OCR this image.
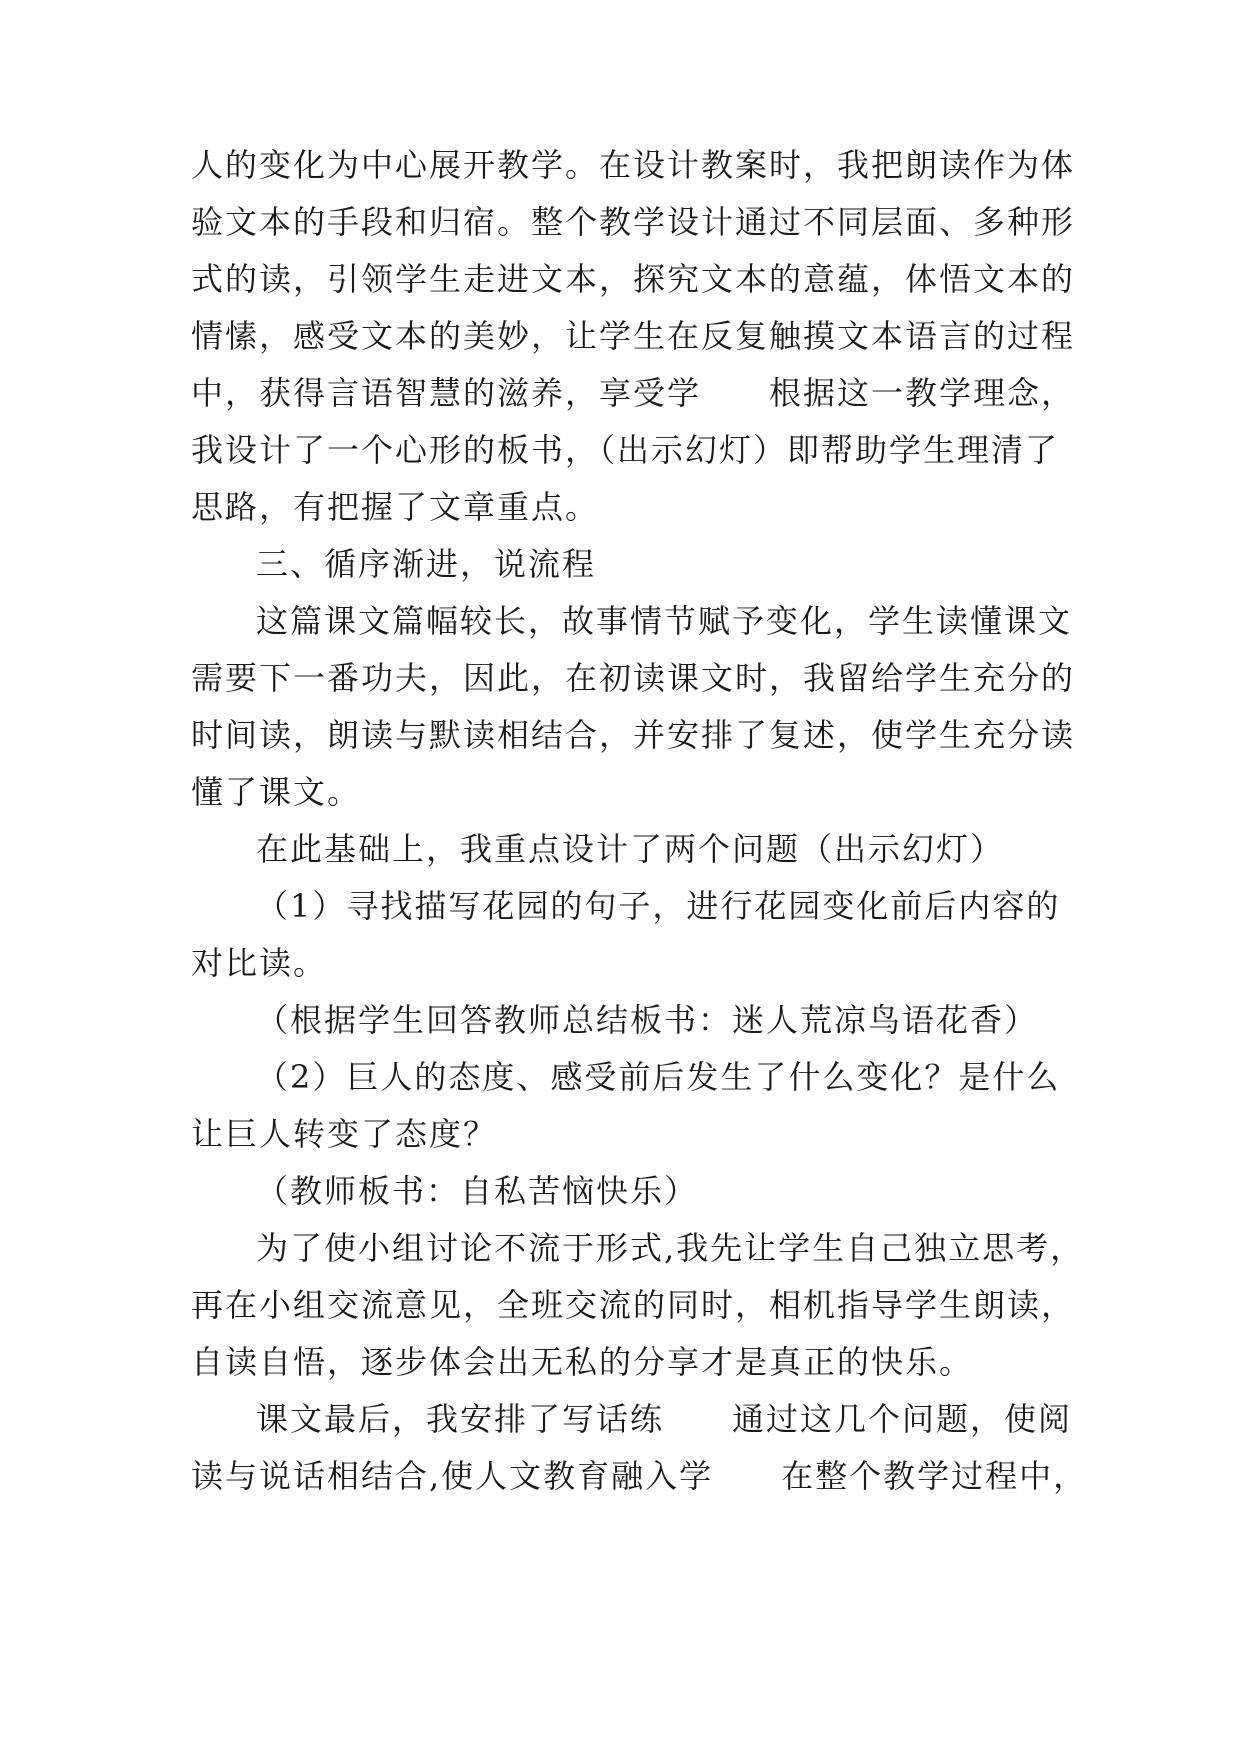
人的变化为中心展开教学。在设计教案时，我把朗读作为体
验文本的手段和归宿。整个教学设计通过不同层面、多种形
式的读，引领学生走进文本，探究文本的意蕴，体悟文本的
情愫，感受文本的美妙，让学生在反复触摸文本语言的过程
中，获得言语智慧的滋养，享受学　　根据这一教学理念，
我设计了一个心形的板书，（出示幻灯）即帮助学生理清了
思路，有把握了文章重点。
三、循序渐进，说流程
这篇课文篇幅较长，故事情节赋予变化，学生读懂课文
需要下一番功夫，因此，在初读课文时，我留给学生充分的
时间读，朗读与默读相结合，并安排了复述，使学生充分读
懂了课文。
在此基础上，我重点设计了两个问题（出示幻灯）
（1）寻找描写花园的句子，进行花园变化前后内容的
对比读。
（根据学生回答教师总结板书：迷人荒凉鸟语花香）
（2）巨人的态度、感受前后发生了什么变化？是什么
让巨人转变了态度？
（教师板书：自私苦恼快乐）
为了使小组讨论不流于形式,我先让学生自己独立思考，
再在小组交流意见，全班交流的同时，相机指导学生朗读，
自读自悟，逐步体会出无私的分享才是真正的快乐。
课文最后，我安排了写话练　　通过这几个问题，使阅
读与说话相结合,使人文教育融入学　　在整个教学过程中，
